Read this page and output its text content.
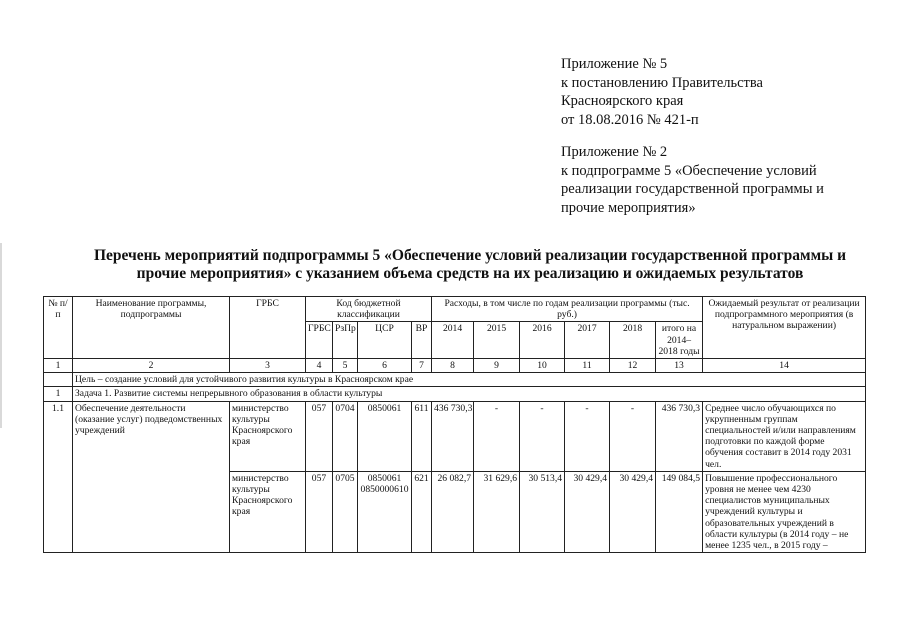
Приложение № 5
к постановлению Правительства
Красноярского края
от 18.08.2016 № 421-п
Приложение № 2
к подпрограмме 5 «Обеспечение условий
реализации государственной программы и
прочие мероприятия»
Перечень мероприятий подпрограммы 5 «Обеспечение условий реализации государственной программы и
прочие мероприятия» с указанием объема средств на их реализацию и ожидаемых результатов
№ п/п	Наименование программы, подпрограммы	ГРБС	Код бюджетной классификации				Расходы, в том числе по годам реализации программы (тыс. руб.)						Ожидаемый результат от реализации подпрограммного мероприятия (в натуральном выражении)
			ГРБС	РзПр	ЦСР	ВР	2014	2015	2016	2017	2018	итого на 2014–2018 годы	
1	2	3	4	5	6	7	8	9	10	11	12	13	14
	Цель – создание условий для устойчивого развития культуры в Красноярском крае												
1	Задача 1. Развитие системы непрерывного образования в области культуры												
1.1	Обеспечение деятельности (оказание услуг) подведомственных учреждений	министерство культуры Красноярского края	057	0704	0850061	611	436 730,3	-	-	-	-	436 730,3	Среднее число обучающихся по укрупненным группам специальностей и/или направлениям подготовки по каждой форме обучения составит в 2014 году 2031 чел.
		министерство культуры Красноярского края	057	0705	0850061 0850000610	621	26 082,7	31 629,6	30 513,4	30 429,4	30 429,4	149 084,5	Повышение профессионального уровня не менее чем 4230 специалистов муниципальных учреждений культуры и образовательных учреждений в области культуры (в 2014 году – не менее 1235 чел., в 2015 году –
